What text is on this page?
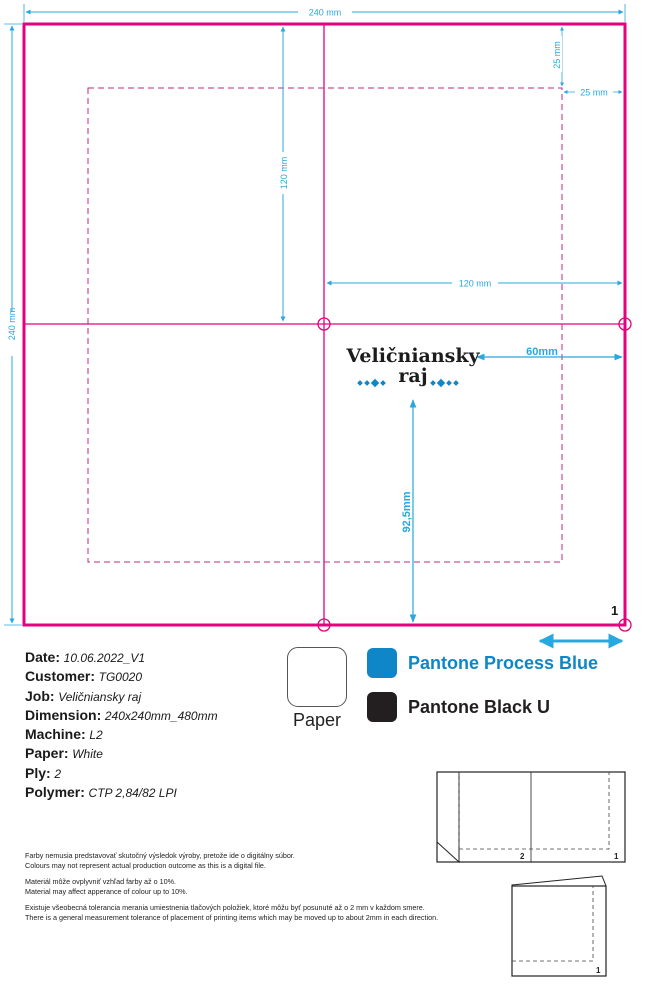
240 mm
240 mm
120 mm
120 mm
25 mm
25 mm
60mm
92,5mm
1
2	1
1
Veličniansky
raj
Date: 10.06.2022_V1
Customer: TG0020
Job: Veličniansky raj
Dimension: 240x240mm_480mm
Machine: L2
Paper: White
Ply: 2
Polymer: CTP 2,84/82 LPI
Paper
Pantone Process Blue
Pantone Black U

Farby nemusia predstavovať skutočný výsledok výroby, pretože ide o digitálny súbor.
Colours may not represent actual production outcome as this is a digital file.

Materiál môže ovplyvniť vzhľad farby až o 10%.
Material may affect apperance of colour up to 10%.

Existuje všeobecná tolerancia merania umiestnenia tlačových položiek, ktoré môžu byť posunuté až o 2 mm v každom smere.
There is a general measurement tolerance of placement of printing items which may be moved up to about 2mm in each direction.
